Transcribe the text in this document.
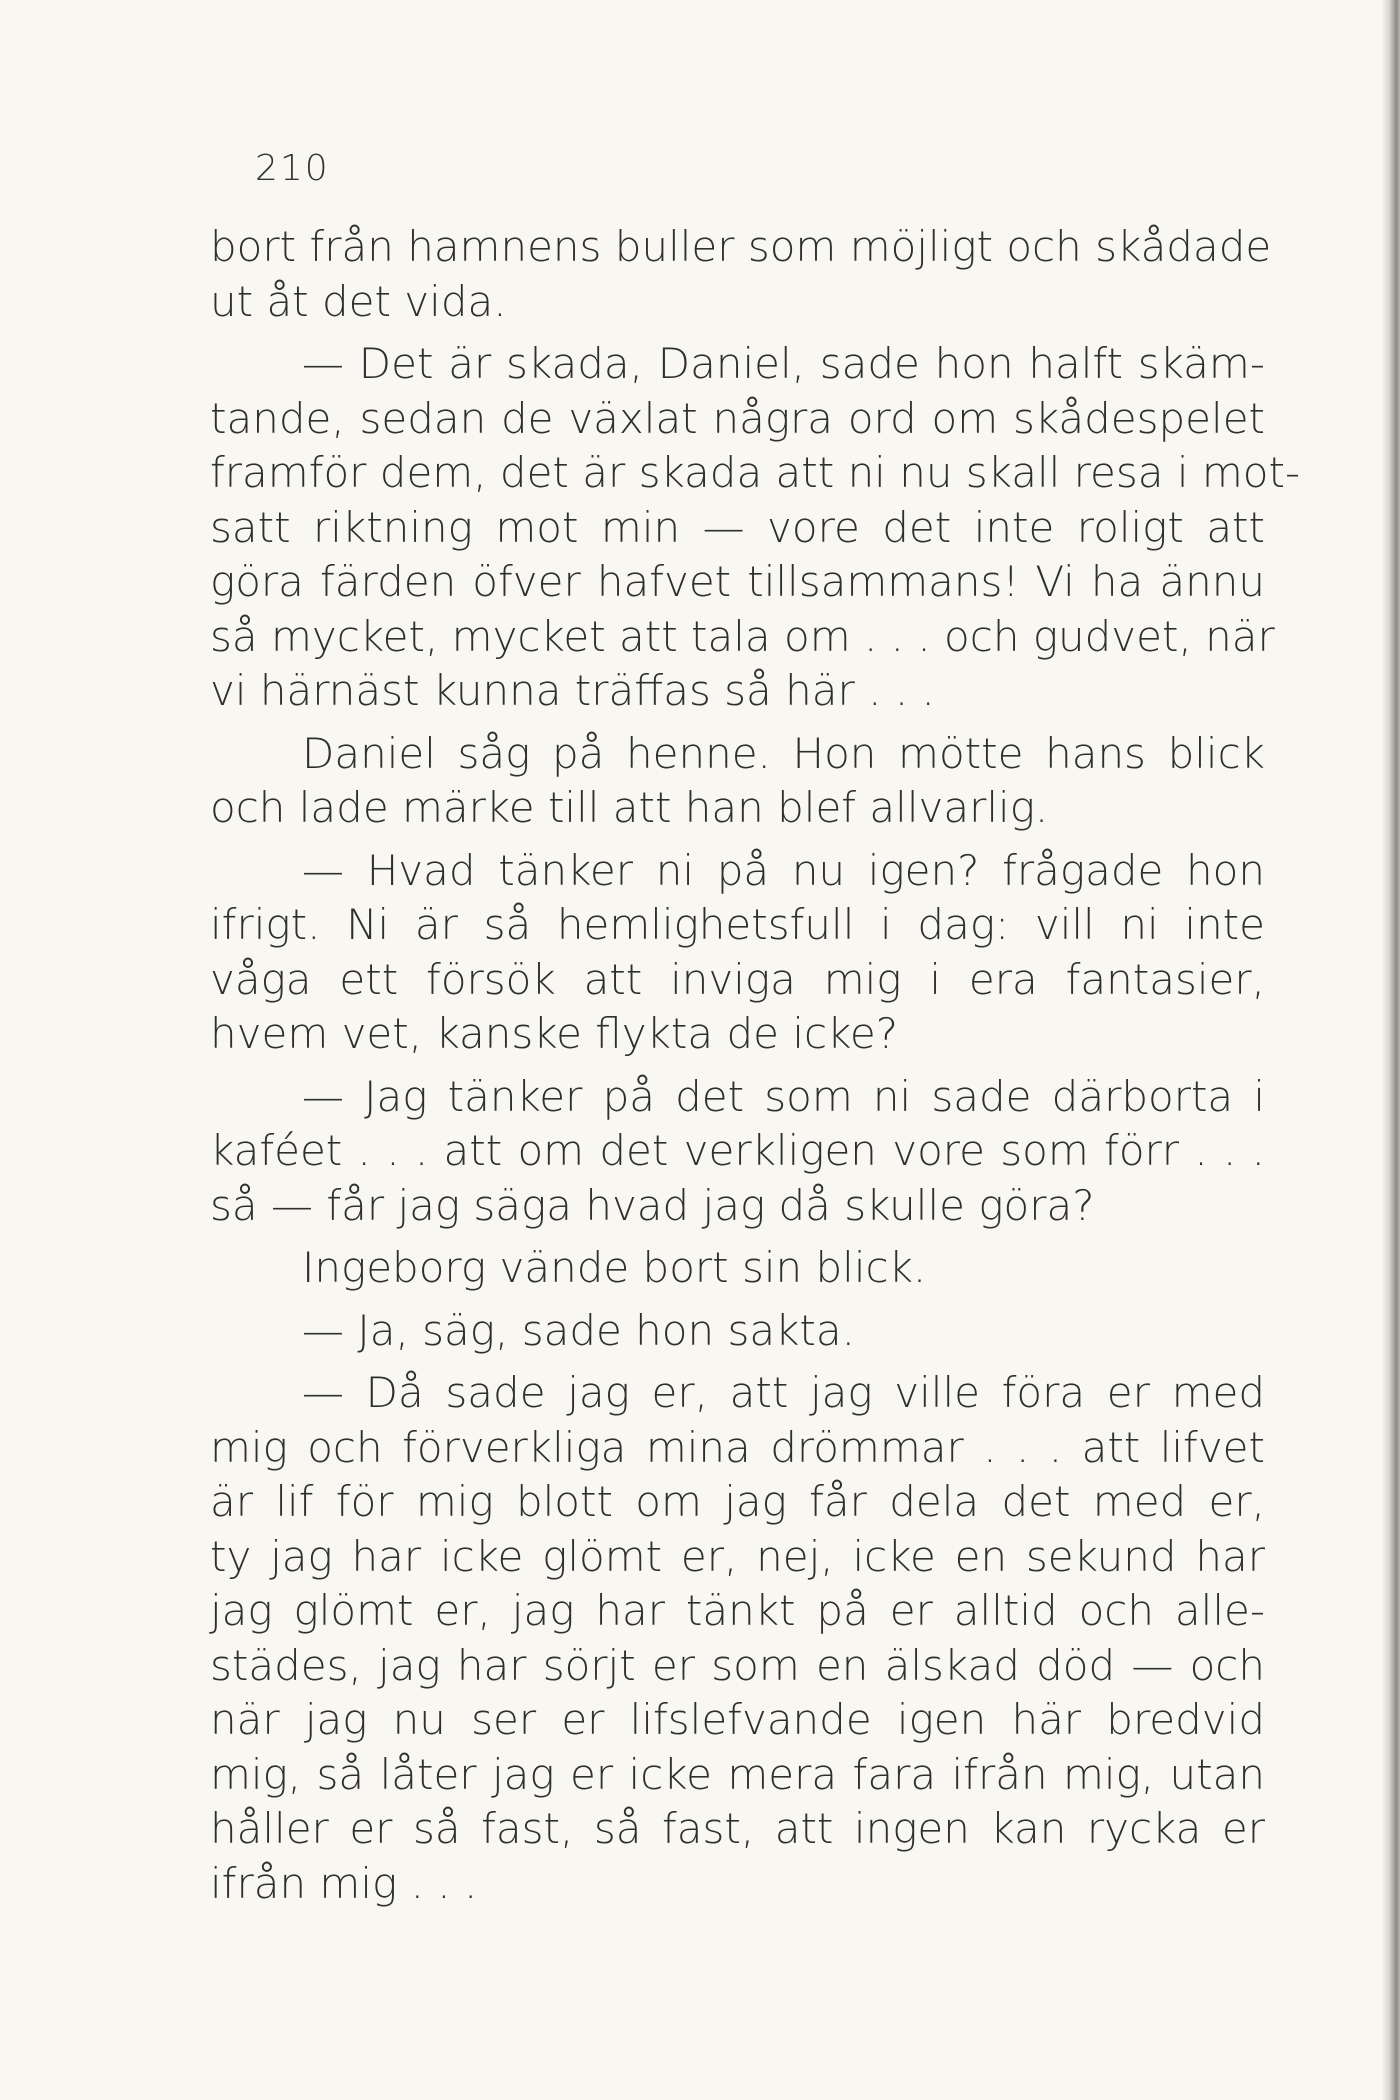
210
bort från hamnens buller som möjligt och skådade
ut åt det vida.
— Det är skada, Daniel, sade hon halft skäm-
tande, sedan de växlat några ord om skådespelet
framför dem, det är skada att ni nu skall resa i mot-
satt riktning mot min — vore det inte roligt att
göra färden öfver hafvet tillsammans! Vi ha ännu
så mycket, mycket att tala om . . . och gudvet, när
vi härnäst kunna träffas så här . . .
Daniel såg på henne. Hon mötte hans blick
och lade märke till att han blef allvarlig.
— Hvad tänker ni på nu igen? frågade hon
ifrigt. Ni är så hemlighetsfull i dag: vill ni inte
våga ett försök att inviga mig i era fantasier,
hvem vet, kanske flykta de icke?
— Jag tänker på det som ni sade därborta i
kaféet . . . att om det verkligen vore som förr . . .
så — får jag säga hvad jag då skulle göra?
Ingeborg vände bort sin blick.
— Ja, säg, sade hon sakta.
— Då sade jag er, att jag ville föra er med
mig och förverkliga mina drömmar . . . att lifvet
är lif för mig blott om jag får dela det med er,
ty jag har icke glömt er, nej, icke en sekund har
jag glömt er, jag har tänkt på er alltid och alle-
städes, jag har sörjt er som en älskad död — och
när jag nu ser er lifslefvande igen här bredvid
mig, så låter jag er icke mera fara ifrån mig, utan
håller er så fast, så fast, att ingen kan rycka er
ifrån mig . . .
